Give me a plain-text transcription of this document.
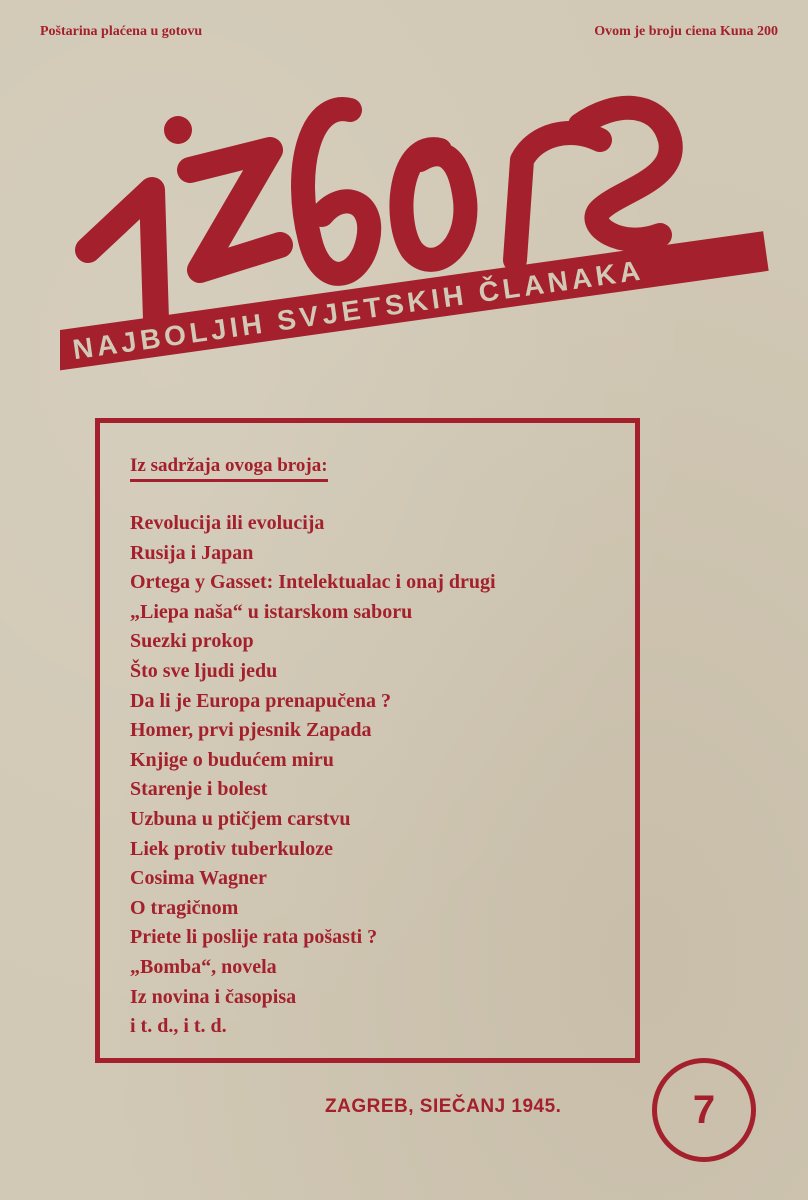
Poštarina plaćena u gotovu	Ovom je broju ciena Kuna 200
NAJBOLJIH SVJETSKIH ČLANAKA
Iz sadržaja ovoga broja:
Revolucija ili evolucija
Rusija i Japan
Ortega y Gasset: Intelektualac i onaj drugi
„Liepa naša“ u istarskom saboru
Suezki prokop
Što sve ljudi jedu
Da li je Europa prenapučena ?
Homer, prvi pjesnik Zapada
Knjige o budućem miru
Starenje i bolest
Uzbuna u ptičjem carstvu
Liek protiv tuberkuloze
Cosima Wagner
O tragičnom
Priete li poslije rata pošasti ?
„Bomba“, novela
Iz novina i časopisa
i t. d., i t. d.
ZAGREB, SIEČANJ 1945.	7
